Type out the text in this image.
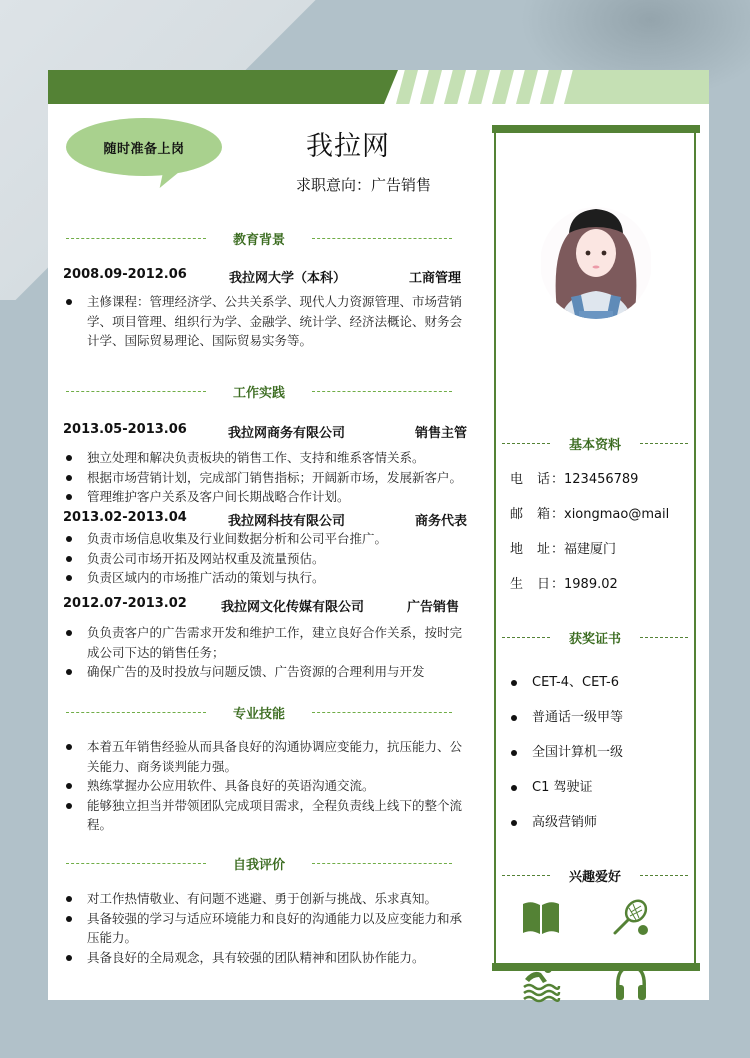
随时准备上岗	我拉网
求职意向：广告销售
教育背景
2008.09-2012.06	我拉网大学（本科）	工商管理
主修课程：管理经济学、公共关系学、现代人力资源管理、市场营销学、项目管理、组织行为学、金融学、统计学、经济法概论、财务会计学、国际贸易理论、国际贸易实务等。
工作实践
2013.05-2013.06	我拉网商务有限公司	销售主管
独立处理和解决负责板块的销售工作、支持和维系客情关系。
根据市场营销计划，完成部门销售指标；开阔新市场，发展新客户。
管理维护客户关系及客户间长期战略合作计划。
2013.02-2013.04	我拉网科技有限公司	商务代表
负责市场信息收集及行业间数据分析和公司平台推广。
负责公司市场开拓及网站权重及流量预估。
负责区域内的市场推广活动的策划与执行。
2012.07-2013.02	我拉网文化传媒有限公司	广告销售
负负责客户的广告需求开发和维护工作，建立良好合作关系，按时完成公司下达的销售任务；
确保广告的及时投放与问题反馈、广告资源的合理利用与开发
专业技能
本着五年销售经验从而具备良好的沟通协调应变能力，抗压能力、公关能力、商务谈判能力强。
熟练掌握办公应用软件、具备良好的英语沟通交流。
能够独立担当并带领团队完成项目需求，全程负责线上线下的整个流程。
自我评价
对工作热情敬业、有问题不逃避、勇于创新与挑战、乐求真知。
具备较强的学习与适应环境能力和良好的沟通能力以及应变能力和承压能力。
具备良好的全局观念，具有较强的团队精神和团队协作能力。
基本资料
电 话：123456789
邮 箱：xiongmao@mail
地 址：福建厦门
生 日：1989.02
获奖证书
CET-4、CET-6
普通话一级甲等
全国计算机一级
C1 驾驶证
高级营销师
兴趣爱好
